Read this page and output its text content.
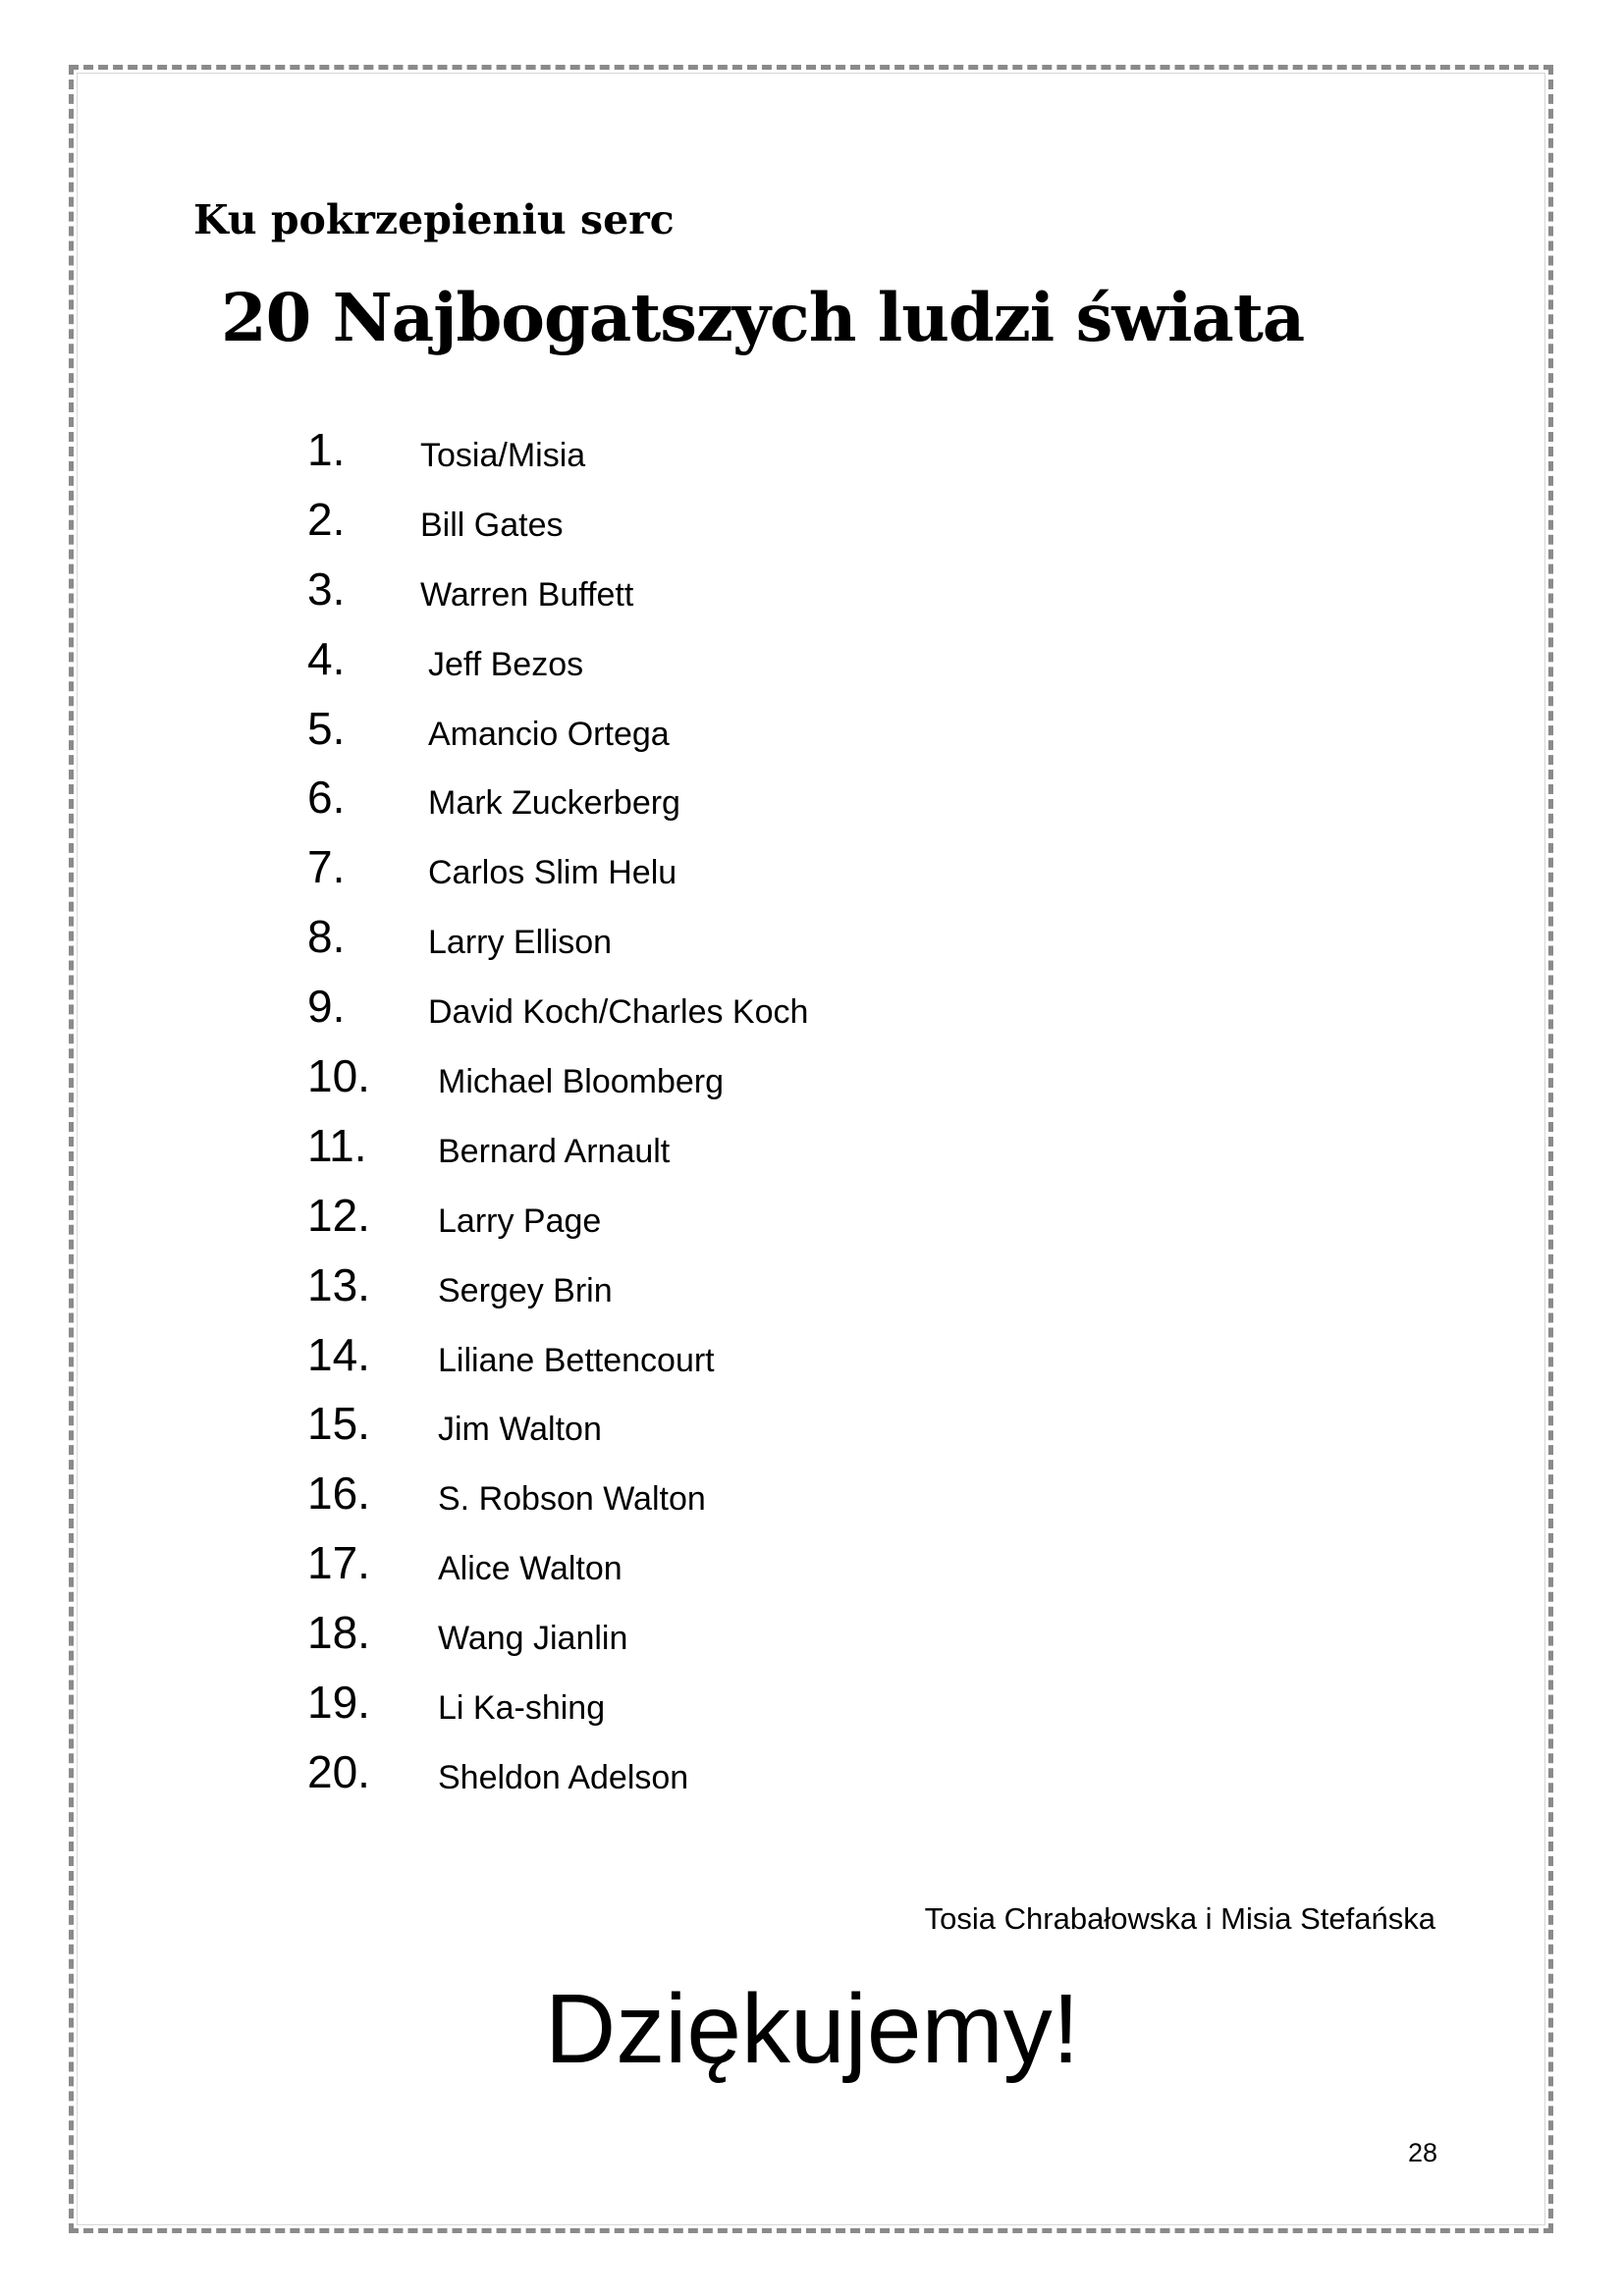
Ku pokrzepieniu serc
20 Najbogatszych ludzi świata
1. Tosia/Misia
2. Bill Gates
3. Warren Buffett
4. Jeff Bezos
5. Amancio Ortega
6. Mark Zuckerberg
7. Carlos Slim Helu
8. Larry Ellison
9. David Koch/Charles Koch
10. Michael Bloomberg
11. Bernard Arnault
12. Larry Page
13. Sergey Brin
14. Liliane Bettencourt
15. Jim Walton
16. S. Robson Walton
17. Alice Walton
18. Wang Jianlin
19. Li Ka-shing
20. Sheldon Adelson
Tosia Chrabałowska i Misia Stefańska
Dziękujemy!
28
